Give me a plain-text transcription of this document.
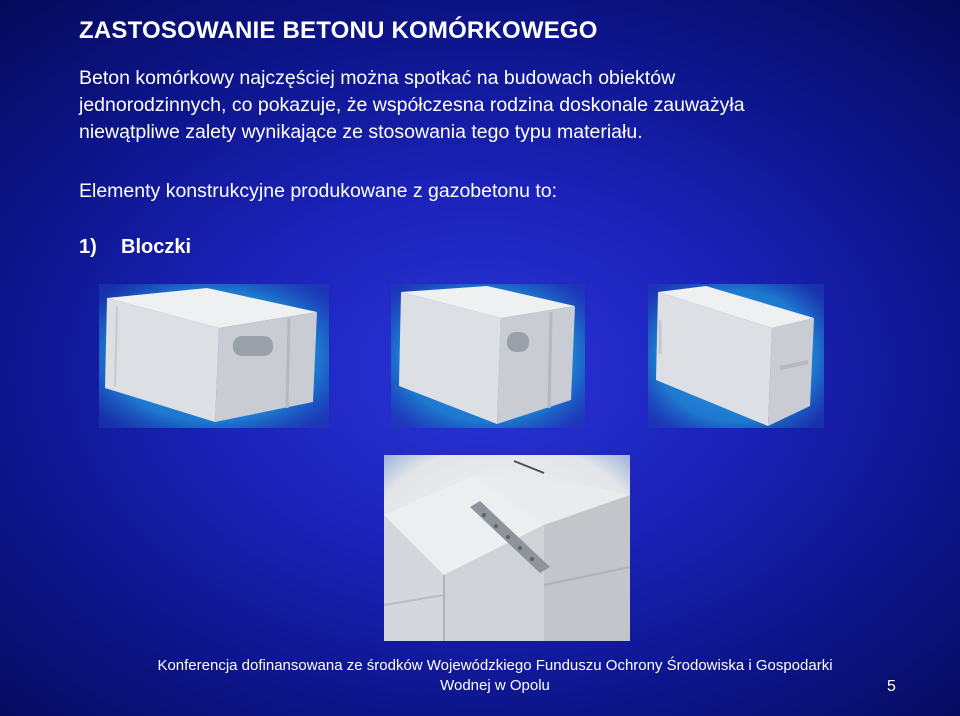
ZASTOSOWANIE BETONU KOMÓRKOWEGO
Beton komórkowy najczęściej można spotkać na budowach obiektów
jednorodzinnych, co pokazuje, że współczesna rodzina doskonale zauważyła
niewątpliwe zalety wynikające ze stosowania tego typu materiału.
Elementy konstrukcyjne produkowane z gazobetonu to:
1) Bloczki
Konferencja dofinansowana ze środków Wojewódzkiego Funduszu Ochrony Środowiska i Gospodarki
Wodnej w Opolu	5
